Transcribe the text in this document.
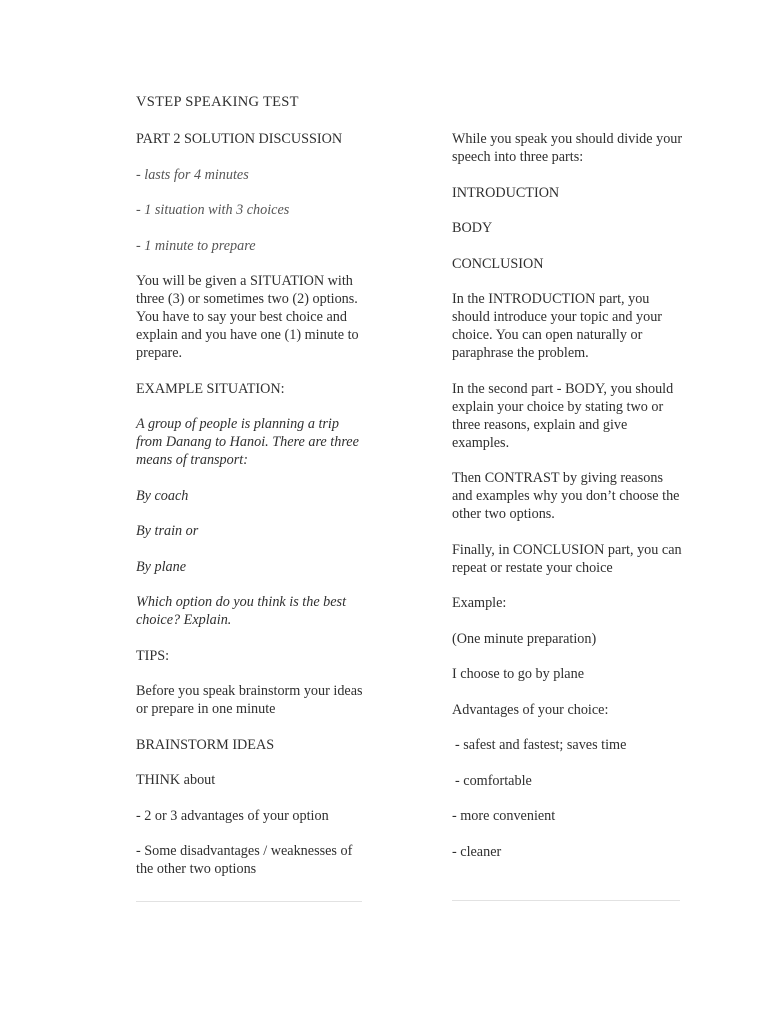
VSTEP SPEAKING TEST

PART 2 SOLUTION DISCUSSION

- lasts for 4 minutes

- 1 situation with 3 choices

- 1 minute to prepare

You will be given a SITUATION with three (3) or sometimes two (2) options. You have to say your best choice and explain and you have one (1) minute to prepare.

EXAMPLE SITUATION:

A group of people is planning a trip from Danang to Hanoi. There are three means of transport:

By coach

By train or

By plane

Which option do you think is the best choice? Explain.

TIPS:

Before you speak brainstorm your ideas or prepare in one minute

BRAINSTORM IDEAS

THINK about

- 2 or 3 advantages of your option

- Some disadvantages / weaknesses of the other two options

While you speak you should divide your speech into three parts:

INTRODUCTION

BODY

CONCLUSION

In the INTRODUCTION part, you should introduce your topic and your choice. You can open naturally or paraphrase the problem.

In the second part - BODY, you should explain your choice by stating two or three reasons, explain and give examples.

Then CONTRAST by giving reasons and examples why you don’t choose the other two options.

Finally, in CONCLUSION part, you can repeat or restate your choice

Example:

(One minute preparation)

I choose to go by plane

Advantages of your choice:

- safest and fastest; saves time

- comfortable

- more convenient

- cleaner
